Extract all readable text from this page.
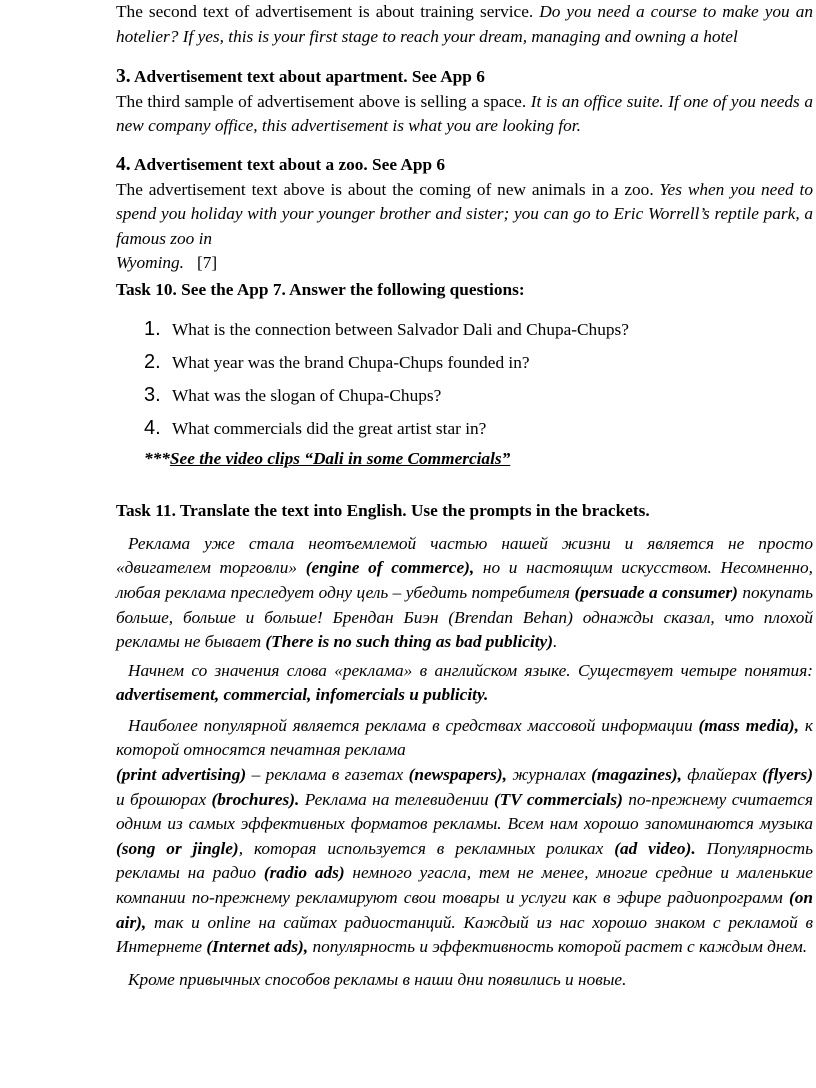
The second text of advertisement is about training service. Do you need a course to make you an hotelier? If yes, this is your first stage to reach your dream, managing and owning a hotel

3. Advertisement text about apartment. See App 6

The third sample of advertisement above is selling a space. It is an office suite. If one of you needs a new company office, this advertisement is what you are looking for.

4. Advertisement text about a zoo. See App 6

The advertisement text above is about the coming of new animals in a zoo. Yes when you need to spend you holiday with your younger brother and sister; you can go to Eric Worrell’s reptile park, a famous zoo in

Wyoming. [7]

Task 10. See the App 7. Answer the following questions:

1. What is the connection between Salvador Dali and Chupa-Chups?
2. What year was the brand Chupa-Chups founded in?
3. What was the slogan of Chupa-Chups?
4. What commercials did the great artist star in?

***See the video clips “Dali in some Commercials”

Task 11. Translate the text into English. Use the prompts in the brackets.

Реклама уже стала неотъемлемой частью нашей жизни и является не просто «двигателем торговли» (engine of commerce), но и настоящим искусством. Несомненно, любая реклама преследует одну цель – убедить потребителя (persuade a consumer) покупать больше, больше и больше! Брендан Биэн (Brendan Behan) однажды сказал, что плохой рекламы не бывает (There is no such thing as bad publicity).

Начнем со значения слова «реклама» в английском языке. Существует четыре понятия: advertisement, commercial, infomercials и publicity.

Наиболее популярной является реклама в средствах массовой информации (mass media), к которой относятся печатная реклама

(print advertising) – реклама в газетах (newspapers), журналах (magazines), флайерах (flyers) и брошюрах (brochures). Реклама на телевидении (TV commercials) по-прежнему считается одним из самых эффективных форматов рекламы. Всем нам хорошо запоминаются музыка (song or jingle), которая используется в рекламных роликах (ad video). Популярность рекламы на радио (radio ads) немного угасла, тем не менее, многие средние и маленькие компании по-прежнему рекламируют свои товары и услуги как в эфире радиопрограмм (on air), так и online на сайтах радиостанций. Каждый из нас хорошо знаком с рекламой в Интернете (Internet ads), популярность и эффективность которой растет с каждым днем.

Кроме привычных способов рекламы в наши дни появились и новые.
